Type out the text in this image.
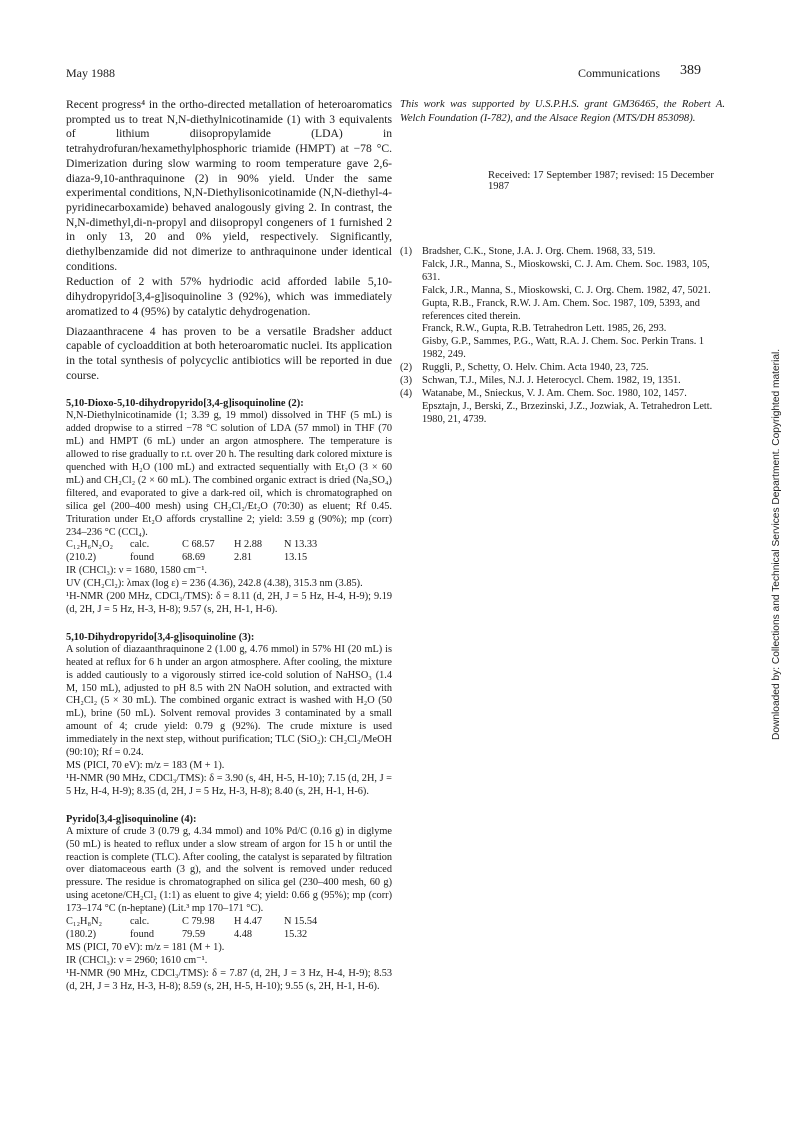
May 1988	Communications 389

Recent progress⁴ in the ortho-directed metallation of heteroaromatics prompted us to treat N,N-diethylnicotinamide (1) with 3 equivalents of lithium diisopropylamide (LDA) in tetrahydrofuran/hexamethylphosphoric triamide (HMPT) at −78 °C. Dimerization during slow warming to room temperature gave 2,6-diaza-9,10-anthraquinone (2) in 90% yield. Under the same experimental conditions, N,N-Diethylisonicotinamide (N,N-diethyl-4-pyridinecarboxamide) behaved analogously giving 2. In contrast, the N,N-dimethyl,di-n-propyl and diisopropyl congeners of 1 furnished 2 in only 13, 20 and 0% yield, respectively. Significantly, diethylbenzamide did not dimerize to anthraquinone under identical conditions.

Reduction of 2 with 57% hydriodic acid afforded labile 5,10-dihydropyrido[3,4-g]isoquinoline 3 (92%), which was immediately aromatized to 4 (95%) by catalytic dehydrogenation.

Diazaanthracene 4 has proven to be a versatile Bradsher adduct capable of cycloaddition at both heteroaromatic nuclei. Its application in the total synthesis of polycyclic antibiotics will be reported in due course.

5,10-Dioxo-5,10-dihydropyrido[3,4-g]isoquinoline (2):

N,N-Diethylnicotinamide (1; 3.39 g, 19 mmol) dissolved in THF (5 mL) is added dropwise to a stirred −78 °C solution of LDA (57 mmol) in THF (70 mL) and HMPT (6 mL) under an argon atmosphere. The temperature is allowed to rise gradually to r.t. over 20 h. The resulting dark colored mixture is quenched with H₂O (100 mL) and extracted sequentially with Et₂O (3 × 60 mL) and CH₂Cl₂ (2 × 60 mL). The combined organic extract is dried (Na₂SO₄) filtered, and evaporated to give a dark-red oil, which is chromatographed on silica gel (200–400 mesh) using CH₂Cl₂/Et₂O (70:30) as eluent; Rf 0.45. Trituration under Et₂O affords crystalline 2; yield: 3.59 g (90%); mp (corr) 234–236 °C (CCl₄).

C₁₂H₆N₂O₂	calc.	C 68.57	H 2.88	N 13.33
(210.2)	found	68.69	2.81	13.15

IR (CHCl₃): ν = 1680, 1580 cm⁻¹.

UV (CH₂Cl₂): λmax (log ε) = 236 (4.36), 242.8 (4.38), 315.3 nm (3.85).

¹H-NMR (200 MHz, CDCl₃/TMS): δ = 8.11 (d, 2H, J = 5 Hz, H-4, H-9); 9.19 (d, 2H, J = 5 Hz, H-3, H-8); 9.57 (s, 2H, H-1, H-6).

5,10-Dihydropyrido[3,4-g]isoquinoline (3):

A solution of diazaanthraquinone 2 (1.00 g, 4.76 mmol) in 57% HI (20 mL) is heated at reflux for 6 h under an argon atmosphere. After cooling, the mixture is added cautiously to a vigorously stirred ice-cold solution of NaHSO₃ (1.4 M, 150 mL), adjusted to pH 8.5 with 2N NaOH solution, and extracted with CH₂Cl₂ (5 × 30 mL). The combined organic extract is washed with H₂O (50 mL), brine (50 mL). Solvent removal provides 3 contaminated by a small amount of 4; crude yield: 0.79 g (92%). The crude mixture is used immediately in the next step, without purification; TLC (SiO₂): CH₂Cl₂/MeOH (90:10); Rf = 0.24.

MS (PICI, 70 eV): m/z = 183 (M + 1).

¹H-NMR (90 MHz, CDCl₃/TMS): δ = 3.90 (s, 4H, H-5, H-10); 7.15 (d, 2H, J = 5 Hz, H-4, H-9); 8.35 (d, 2H, J = 5 Hz, H-3, H-8); 8.40 (s, 2H, H-1, H-6).

Pyrido[3,4-g]isoquinoline (4):

A mixture of crude 3 (0.79 g, 4.34 mmol) and 10% Pd/C (0.16 g) in diglyme (50 mL) is heated to reflux under a slow stream of argon for 15 h or until the reaction is complete (TLC). After cooling, the catalyst is separated by filtration over diatomaceous earth (3 g), and the solvent is removed under reduced pressure. The residue is chromatographed on silica gel (230–400 mesh, 60 g) using acetone/CH₂Cl₂ (1:1) as eluent to give 4; yield: 0.66 g (95%); mp (corr) 173–174 °C (n-heptane) (Lit.³ mp 170–171 °C).

C₁₂H₈N₂	calc.	C 79.98	H 4.47	N 15.54
(180.2)	found	79.59	4.48	15.32

MS (PICI, 70 eV): m/z = 181 (M + 1).

IR (CHCl₃): ν = 2960; 1610 cm⁻¹.

¹H-NMR (90 MHz, CDCl₃/TMS): δ = 7.87 (d, 2H, J = 3 Hz, H-4, H-9); 8.53 (d, 2H, J = 3 Hz, H-3, H-8); 8.59 (s, 2H, H-5, H-10); 9.55 (s, 2H, H-1, H-6).

This work was supported by U.S.P.H.S. grant GM36465, the Robert A. Welch Foundation (I-782), and the Alsace Region (MTS/DH 853098).

Received: 17 September 1987; revised: 15 December 1987
(1) Bradsher, C.K., Stone, J.A. J. Org. Chem. 1968, 33, 519.
Falck, J.R., Manna, S., Mioskowski, C. J. Am. Chem. Soc. 1983, 105, 631.
Falck, J.R., Manna, S., Mioskowski, C. J. Org. Chem. 1982, 47, 5021.
Gupta, R.B., Franck, R.W. J. Am. Chem. Soc. 1987, 109, 5393, and references cited therein.
Franck, R.W., Gupta, R.B. Tetrahedron Lett. 1985, 26, 293.
Gisby, G.P., Sammes, P.G., Watt, R.A. J. Chem. Soc. Perkin Trans. 1 1982, 249.
(2) Ruggli, P., Schetty, O. Helv. Chim. Acta 1940, 23, 725.
(3) Schwan, T.J., Miles, N.J. J. Heterocycl. Chem. 1982, 19, 1351.
(4) Watanabe, M., Snieckus, V. J. Am. Chem. Soc. 1980, 102, 1457.
Epsztajn, J., Berski, Z., Brzezinski, J.Z., Jozwiak, A. Tetrahedron Lett. 1980, 21, 4739.	Downloaded by: Collections and Technical Services Department. Copyrighted material.
